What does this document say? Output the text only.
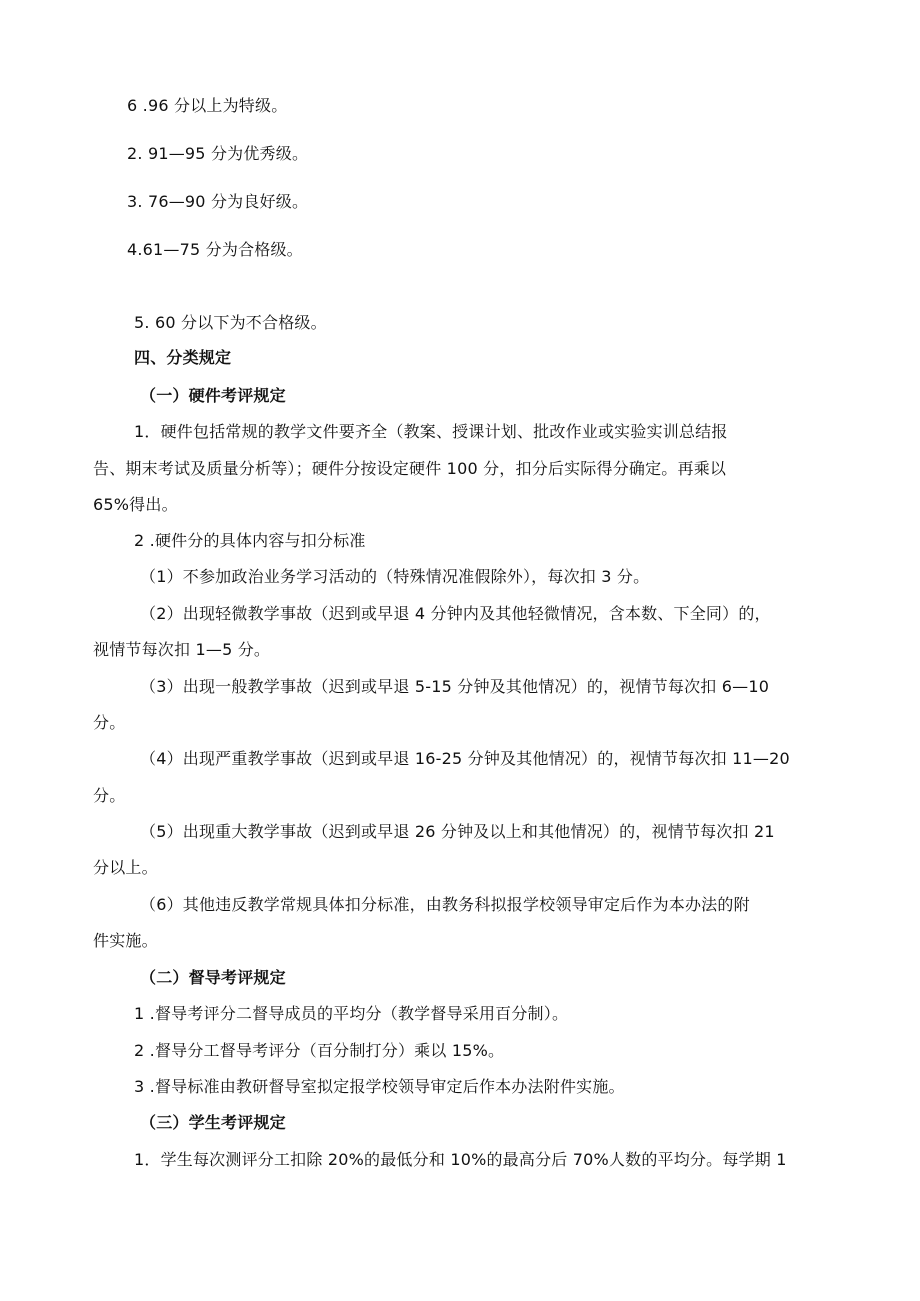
6 .96 分以上为特级。
2. 91—95 分为优秀级。
3. 76—90 分为良好级。
4.61—75 分为合格级。
5. 60 分以下为不合格级。
四、分类规定
（一）硬件考评规定
1．硬件包括常规的教学文件要齐全（教案、授课计划、批改作业或实验实训总结报
告、期末考试及质量分析等）；硬件分按设定硬件 100 分，扣分后实际得分确定。再乘以
65%得出。
2 .硬件分的具体内容与扣分标准
（1）不参加政治业务学习活动的（特殊情况准假除外），每次扣 3 分。
（2）出现轻微教学事故（迟到或早退 4 分钟内及其他轻微情况，含本数、下全同）的，
视情节每次扣 1—5 分。
（3）出现一般教学事故（迟到或早退 5-15 分钟及其他情况）的，视情节每次扣 6—10
分。
（4）出现严重教学事故（迟到或早退 16-25 分钟及其他情况）的，视情节每次扣 11—20
分。
（5）出现重大教学事故（迟到或早退 26 分钟及以上和其他情况）的，视情节每次扣 21
分以上。
（6）其他违反教学常规具体扣分标准，由教务科拟报学校领导审定后作为本办法的附
件实施。
（二）督导考评规定
1 .督导考评分二督导成员的平均分（教学督导采用百分制）。
2 .督导分工督导考评分（百分制打分）乘以 15%。
3 .督导标准由教研督导室拟定报学校领导审定后作本办法附件实施。
（三）学生考评规定
1．学生每次测评分工扣除 20%的最低分和 10%的最高分后 70%人数的平均分。每学期 1
